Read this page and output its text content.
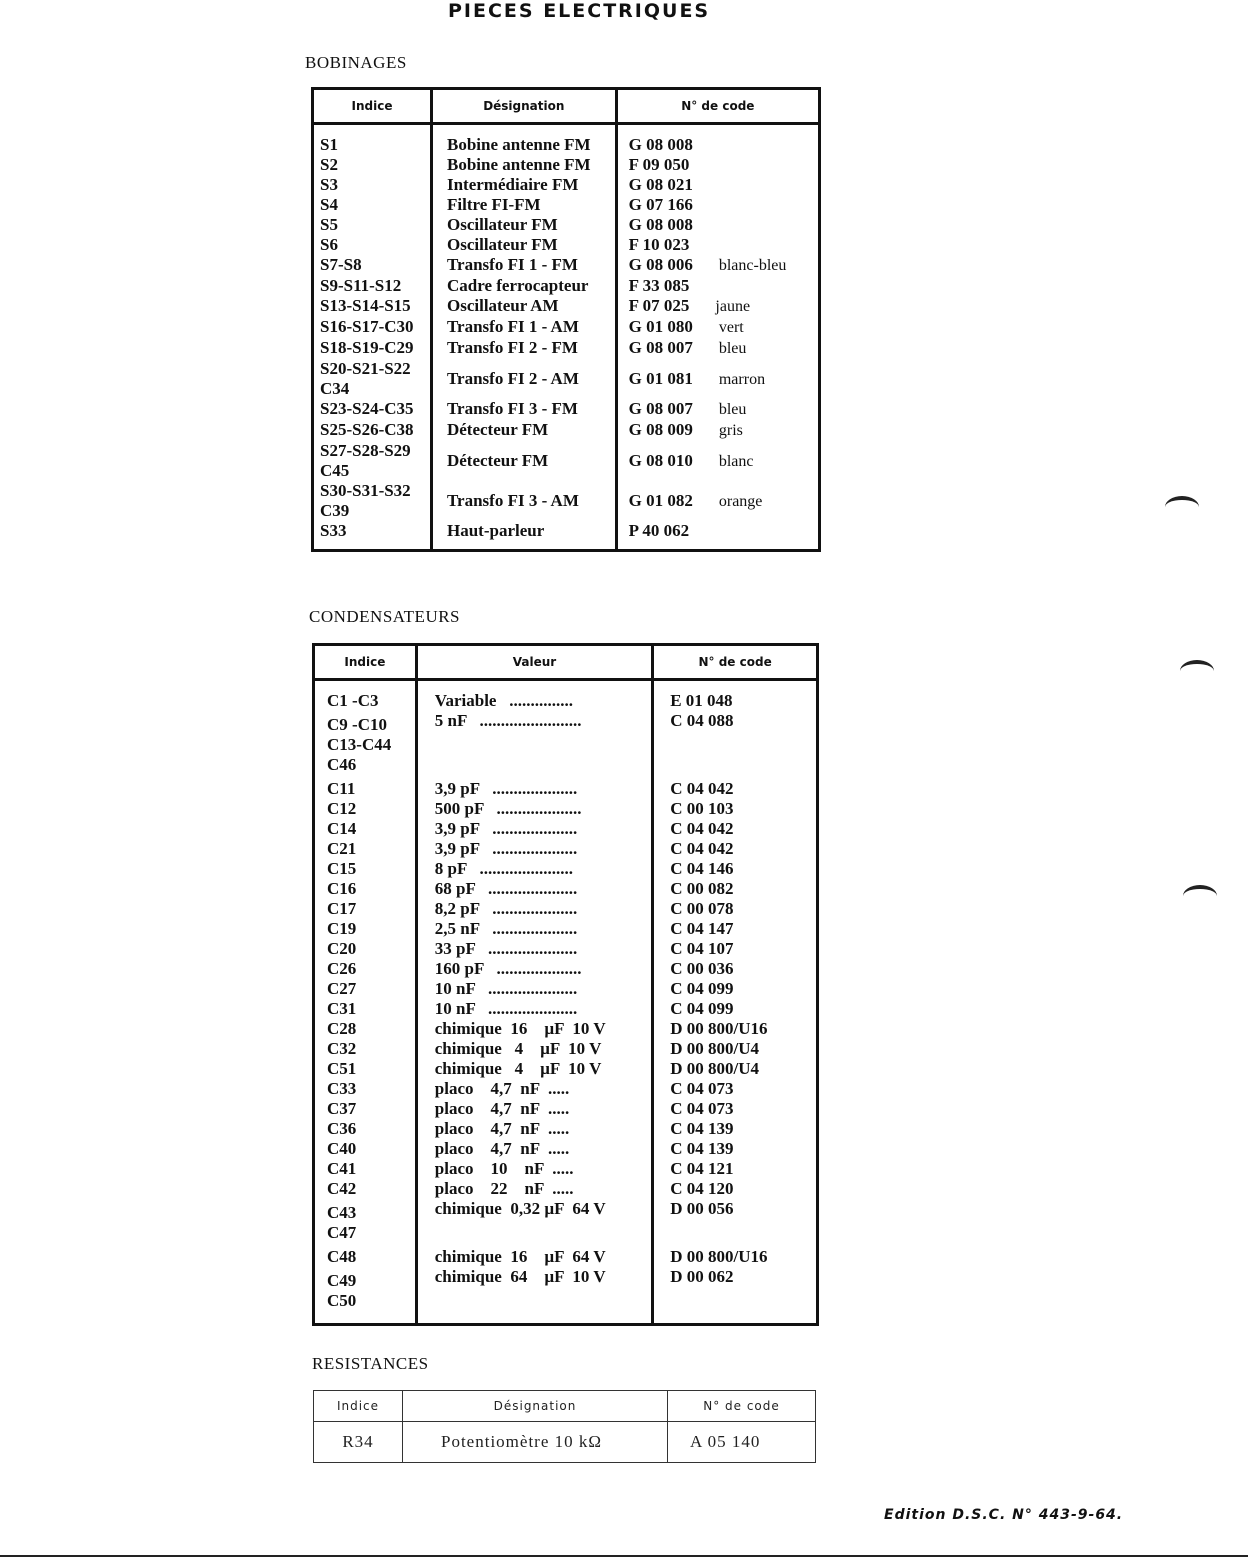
PIECES ELECTRIQUES
BOBINAGES
Indice	Désignation	N° de code

S1	Bobine antenne FM	G 08 008

S2	Bobine antenne FM	F 09 050

S3	Intermédiaire FM	G 08 021

S4	Filtre FI-FM	G 07 166

S5	Oscillateur FM	G 08 008

S6	Oscillateur FM	F 10 023

S7-S8	Transfo FI 1 - FM	G 08 006 blanc-bleu

S9-S11-S12	Cadre ferrocapteur	F 33 085

S13-S14-S15	Oscillateur AM	F 07 025 jaune

S16-S17-C30	Transfo FI 1 - AM	G 01 080 vert

S18-S19-C29	Transfo FI 2 - FM	G 08 007 bleu

S20-S21-S22
C34	Transfo FI 2 - AM	G 01 081 marron

S23-S24-C35	Transfo FI 3 - FM	G 08 007 bleu

S25-S26-C38	Détecteur FM	G 08 009 gris

S27-S28-S29
C45	Détecteur FM	G 08 010 blanc

S30-S31-S32
C39	Transfo FI 3 - AM	G 01 082 orange

S33	Haut-parleur	P 40 062

CONDENSATEURS
Indice	Valeur	N° de code

C1 -C3	Variable   ...............	E 01 048

C9 -C10
C13-C44
C46	5 nF   ........................	C 04 088

C11	3,9 pF   ....................	C 04 042

C12	500 pF   ....................	C 00 103

C14	3,9 pF   ....................	C 04 042

C21	3,9 pF   ....................	C 04 042

C15	8 pF   ......................	C 04 146

C16	68 pF   .....................	C 00 082

C17	8,2 pF   ....................	C 00 078

C19	2,5 nF   ....................	C 04 147

C20	33 pF   .....................	C 04 107

C26	160 pF   ....................	C 00 036

C27	10 nF   .....................	C 04 099

C31	10 nF   .....................	C 04 099

C28	chimique  16    µF  10 V	D 00 800/U16

C32	chimique   4    µF  10 V	D 00 800/U4

C51	chimique   4    µF  10 V	D 00 800/U4

C33	placo    4,7  nF  .....	C 04 073

C37	placo    4,7  nF  .....	C 04 073

C36	placo    4,7  nF  .....	C 04 139

C40	placo    4,7  nF  .....	C 04 139

C41	placo    10    nF  .....	C 04 121

C42	placo    22    nF  .....	C 04 120

C43
C47	chimique  0,32 µF  64 V	D 00 056

C48	chimique  16    µF  64 V	D 00 800/U16

C49
C50	chimique  64    µF  10 V	D 00 062

RESISTANCES
Indice	Désignation	N° de code
R34	Potentiomètre 10 kΩ	A 05 140
Edition D.S.C. N° 443-9-64.
